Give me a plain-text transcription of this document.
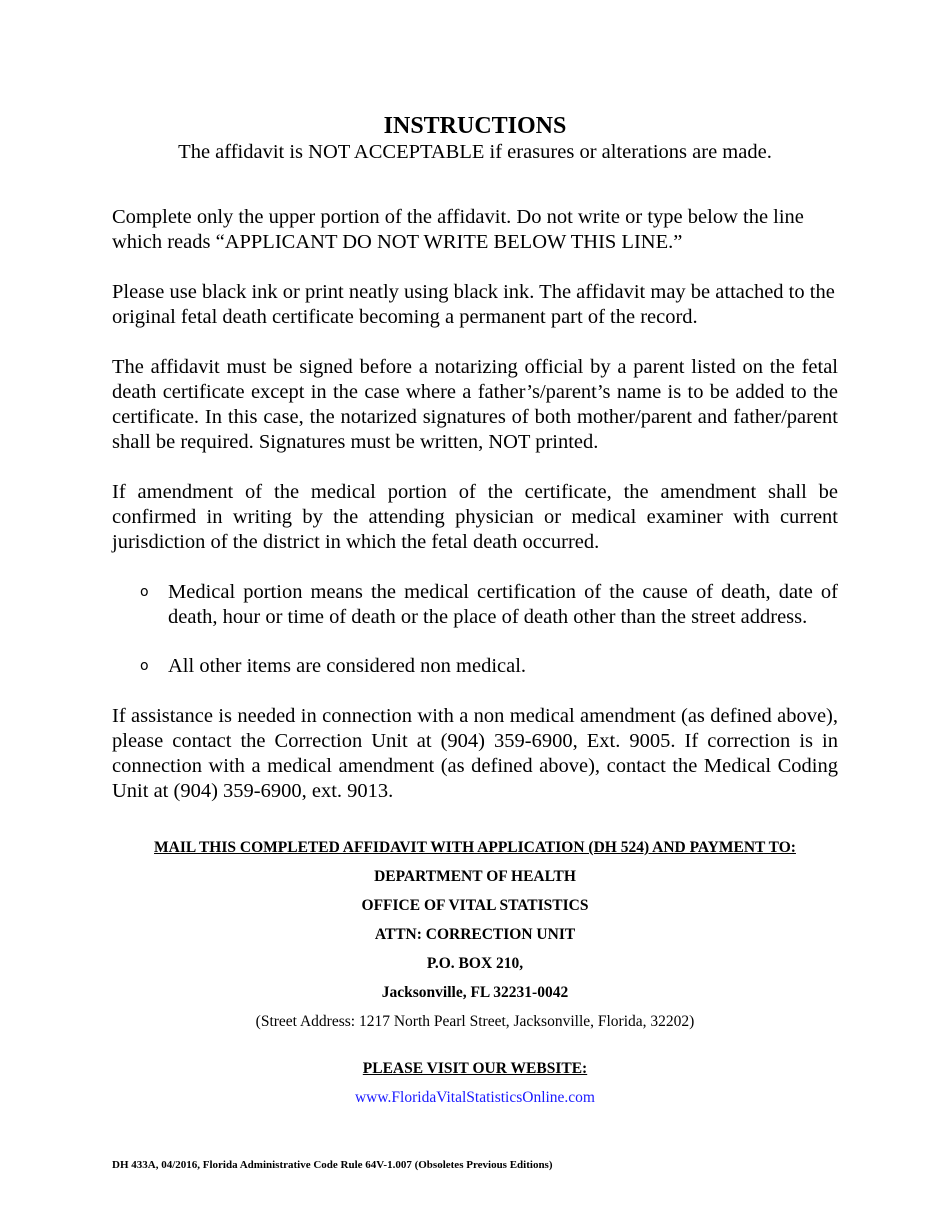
INSTRUCTIONS
The affidavit is NOT ACCEPTABLE if erasures or alterations are made.
Complete only the upper portion of the affidavit. Do not write or type below the line which reads “APPLICANT DO NOT WRITE BELOW THIS LINE.”
Please use black ink or print neatly using black ink. The affidavit may be attached to the original fetal death certificate becoming a permanent part of the record.
The affidavit must be signed before a notarizing official by a parent listed on the fetal death certificate except in the case where a father’s/parent’s name is to be added to the certificate. In this case, the notarized signatures of both mother/parent and father/parent shall be required. Signatures must be written, NOT printed.
If amendment of the medical portion of the certificate, the amendment shall be confirmed in writing by the attending physician or medical examiner with current jurisdiction of the district in which the fetal death occurred.
o Medical portion means the medical certification of the cause of death, date of death, hour or time of death or the place of death other than the street address.
o All other items are considered non medical.
If assistance is needed in connection with a non medical amendment (as defined above), please contact the Correction Unit at (904) 359-6900, Ext. 9005. If correction is in connection with a medical amendment (as defined above), contact the Medical Coding Unit at (904) 359-6900, ext. 9013.
MAIL THIS COMPLETED AFFIDAVIT WITH APPLICATION (DH 524) AND PAYMENT TO:
DEPARTMENT OF HEALTH
OFFICE OF VITAL STATISTICS
ATTN: CORRECTION UNIT
P.O. BOX 210,
Jacksonville, FL 32231-0042
(Street Address: 1217 North Pearl Street, Jacksonville, Florida, 32202)
PLEASE VISIT OUR WEBSITE:
www.FloridaVitalStatisticsOnline.com
DH 433A, 04/2016, Florida Administrative Code Rule 64V-1.007 (Obsoletes Previous Editions)
